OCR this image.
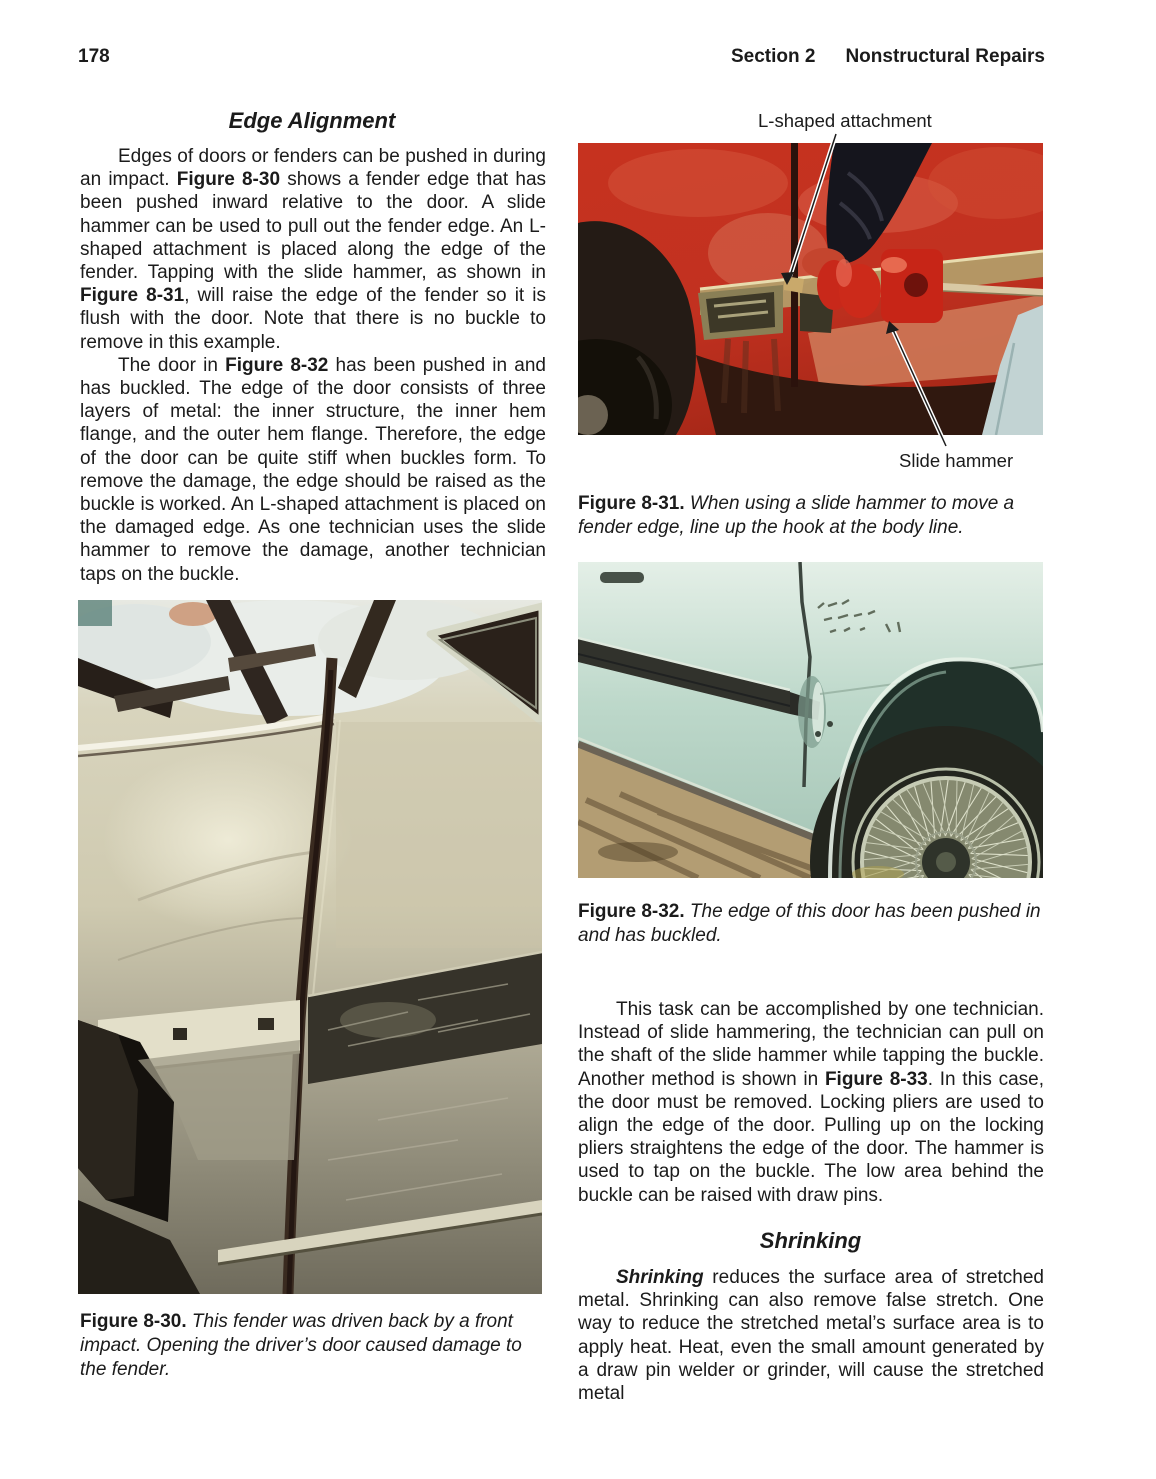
178	Section 2 Nonstructural Repairs
Edge Alignment

Edges of doors or fenders can be pushed in during an impact. Figure 8-30 shows a fender edge that has been pushed inward relative to the door. A slide hammer can be used to pull out the fender edge. An L-shaped attachment is placed along the edge of the fender. Tapping with the slide hammer, as shown in Figure 8-31, will raise the edge of the fender so it is flush with the door. Note that there is no buckle to remove in this example.

The door in Figure 8-32 has been pushed in and has buckled. The edge of the door consists of three layers of metal: the inner structure, the inner hem flange, and the outer hem flange. Therefore, the edge of the door can be quite stiff when buckles form. To remove the damage, the edge should be raised as the buckle is worked. An L-shaped attachment is placed on the damaged edge. As one technician uses the slide hammer to remove the damage, another technician taps on the buckle.

Figure 8-30. This fender was driven back by a front impact. Opening the driver’s door caused damage to the fender.
L-shaped attachment
Slide hammer
Figure 8-31. When using a slide hammer to move a fender edge, line up the hook at the body line.
Figure 8-32. The edge of this door has been pushed in and has buckled.

This task can be accomplished by one technician. Instead of slide hammering, the technician can pull on the shaft of the slide hammer while tapping the buckle. Another method is shown in Figure 8-33. In this case, the door must be removed. Locking pliers are used to align the edge of the door. Pulling up on the locking pliers straightens the edge of the door. The hammer is used to tap on the buckle. The low area behind the buckle can be raised with draw pins.

Shrinking

Shrinking reduces the surface area of stretched metal. Shrinking can also remove false stretch. One way to reduce the stretched metal’s surface area is to apply heat. Heat, even the small amount generated by a draw pin welder or grinder, will cause the stretched metal
